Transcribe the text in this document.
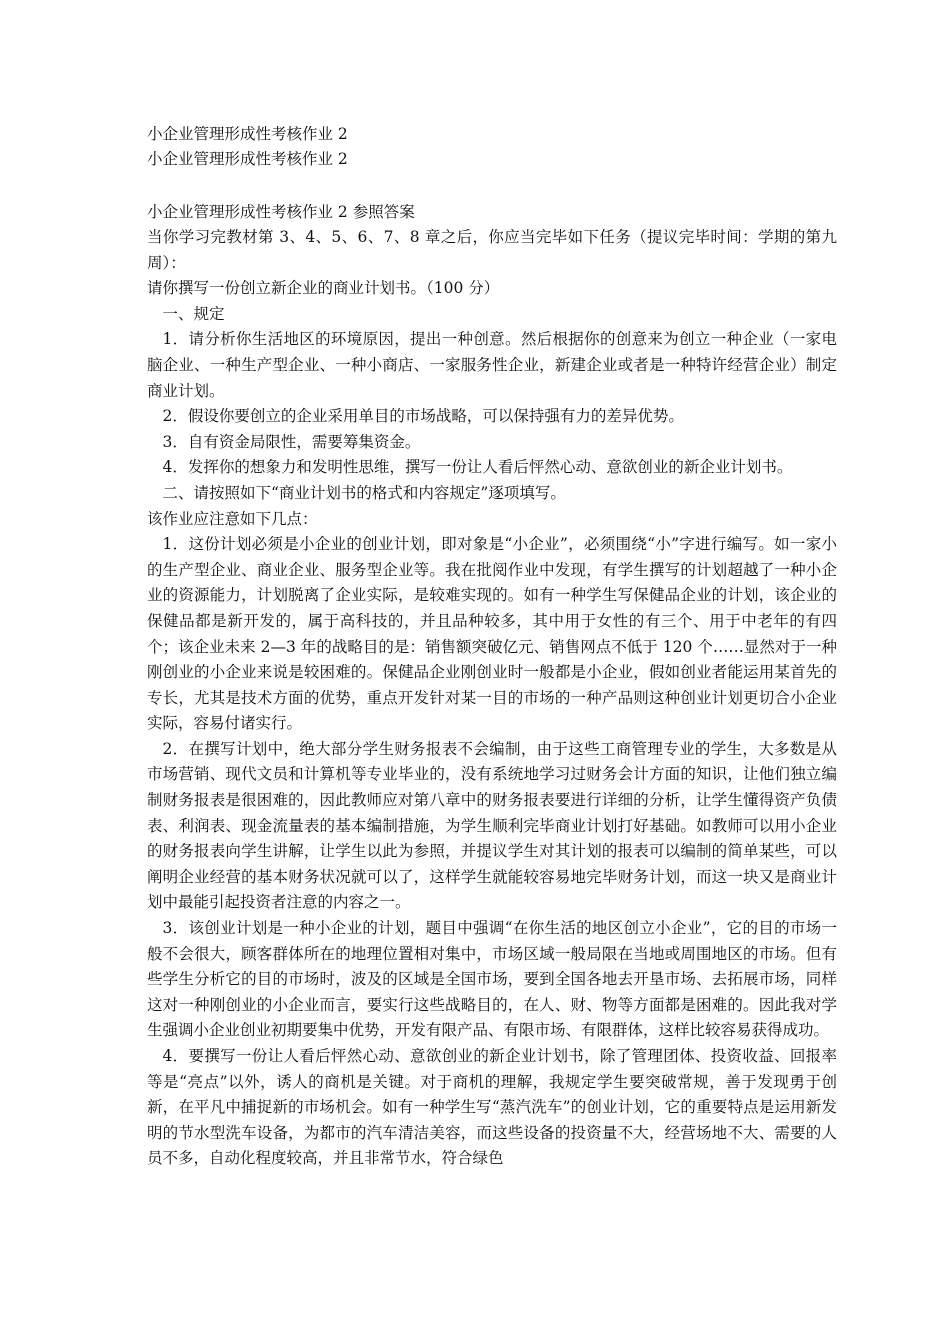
小企业管理形成性考核作业 2

小企业管理形成性考核作业 2

小企业管理形成性考核作业 2 参照答案

当你学习完教材第 3、4、5、6、7、8 章之后，你应当完毕如下任务（提议完毕时间：学期的第九周）：

请你撰写一份创立新企业的商业计划书。（100 分）

一、规定

1．请分析你生活地区的环境原因，提出一种创意。然后根据你的创意来为创立一种企业（一家电脑企业、一种生产型企业、一种小商店、一家服务性企业，新建企业或者是一种特许经营企业）制定商业计划。

2．假设你要创立的企业采用单目的市场战略，可以保持强有力的差异优势。

3．自有资金局限性，需要筹集资金。

4．发挥你的想象力和发明性思维，撰写一份让人看后怦然心动、意欲创业的新企业计划书。

二、请按照如下“商业计划书的格式和内容规定”逐项填写。

该作业应注意如下几点：

1．这份计划必须是小企业的创业计划，即对象是“小企业”，必须围绕“小”字进行编写。如一家小的生产型企业、商业企业、服务型企业等。我在批阅作业中发现，有学生撰写的计划超越了一种小企业的资源能力，计划脱离了企业实际，是较难实现的。如有一种学生写保健品企业的计划，该企业的保健品都是新开发的，属于高科技的，并且品种较多，其中用于女性的有三个、用于中老年的有四个；该企业未来 2—3 年的战略目的是：销售额突破亿元、销售网点不低于 120 个……显然对于一种刚创业的小企业来说是较困难的。保健品企业刚创业时一般都是小企业，假如创业者能运用某首先的专长，尤其是技术方面的优势，重点开发针对某一目的市场的一种产品则这种创业计划更切合小企业实际，容易付诸实行。

2．在撰写计划中，绝大部分学生财务报表不会编制，由于这些工商管理专业的学生，大多数是从市场营销、现代文员和计算机等专业毕业的，没有系统地学习过财务会计方面的知识，让他们独立编制财务报表是很困难的，因此教师应对第八章中的财务报表要进行详细的分析，让学生懂得资产负债表、利润表、现金流量表的基本编制措施，为学生顺利完毕商业计划打好基础。如教师可以用小企业的财务报表向学生讲解，让学生以此为参照，并提议学生对其计划的报表可以编制的简单某些，可以阐明企业经营的基本财务状况就可以了，这样学生就能较容易地完毕财务计划，而这一块又是商业计划中最能引起投资者注意的内容之一。

3．该创业计划是一种小企业的计划，题目中强调“在你生活的地区创立小企业”，它的目的市场一般不会很大，顾客群体所在的地理位置相对集中，市场区域一般局限在当地或周围地区的市场。但有些学生分析它的目的市场时，波及的区域是全国市场，要到全国各地去开垦市场、去拓展市场，同样这对一种刚创业的小企业而言，要实行这些战略目的，在人、财、物等方面都是困难的。因此我对学生强调小企业创业初期要集中优势，开发有限产品、有限市场、有限群体，这样比较容易获得成功。

4．要撰写一份让人看后怦然心动、意欲创业的新企业计划书，除了管理团体、投资收益、回报率等是“亮点”以外，诱人的商机是关键。对于商机的理解，我规定学生要突破常规，善于发现勇于创新，在平凡中捕捉新的市场机会。如有一种学生写“蒸汽洗车”的创业计划，它的重要特点是运用新发明的节水型洗车设备，为都市的汽车清洁美容，而这些设备的投资量不大，经营场地不大、需要的人员不多，自动化程度较高，并且非常节水，符合绿色
